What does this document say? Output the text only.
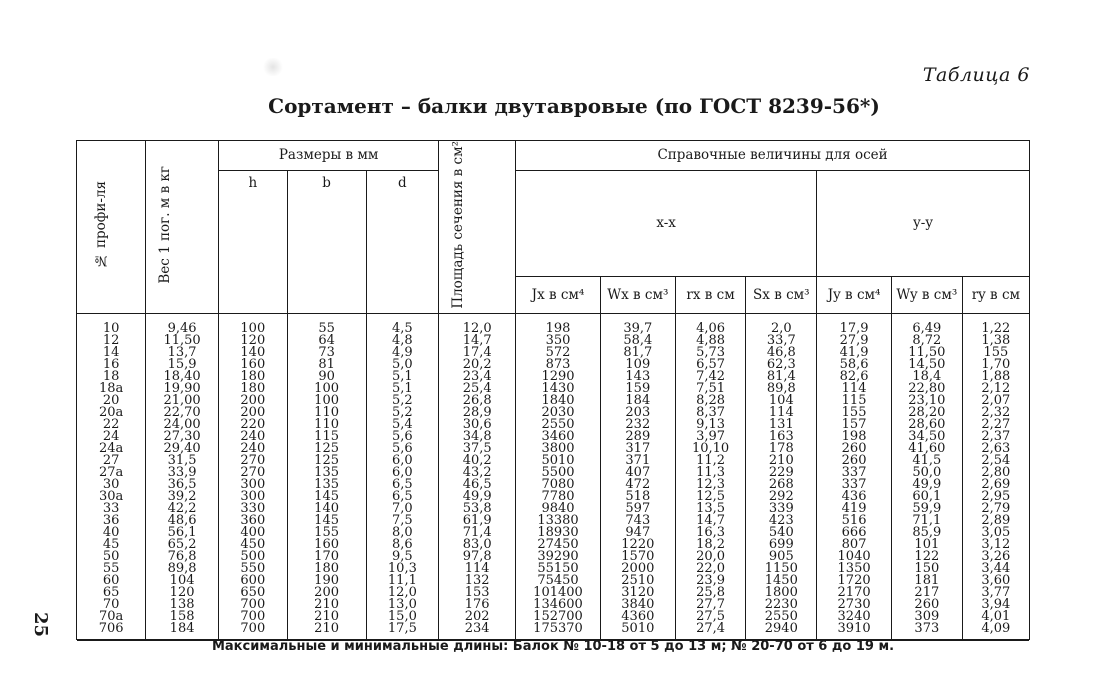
Таблица 6
Сортамент – балки двутавровые (по ГОСТ 8239-56*)
25
№ профи-ля	Вес 1 пог. м в кг	Размеры в мм			Площадь сечения в см²	Справочные величины для осей						
		h	b	d		x-x				y-y		
						Jx в см⁴	Wx в см³	rx в см	Sx в см³	Jy в см⁴	Wy в см³	ry в см
10	9,46	100	55	4,5	12,0	198	39,7	4,06	2,0	17,9	6,49	1,22
12	11,50	120	64	4,8	14,7	350	58,4	4,88	33,7	27,9	8,72	1,38
14	13,7	140	73	4,9	17,4	572	81,7	5,73	46,8	41,9	11,50	155
16	15,9	160	81	5,0	20,2	873	109	6,57	62,3	58,6	14,50	1,70
18	18,40	180	90	5,1	23,4	1290	143	7,42	81,4	82,6	18,4	1,88
18a	19,90	180	100	5,1	25,4	1430	159	7,51	89,8	114	22,80	2,12
20	21,00	200	100	5,2	26,8	1840	184	8,28	104	115	23,10	2,07
20a	22,70	200	110	5,2	28,9	2030	203	8,37	114	155	28,20	2,32
22	24,00	220	110	5,4	30,6	2550	232	9,13	131	157	28,60	2,27
24	27,30	240	115	5,6	34,8	3460	289	3,97	163	198	34,50	2,37
24a	29,40	240	125	5,6	37,5	3800	317	10,10	178	260	41,60	2,63
27	31,5	270	125	6,0	40,2	5010	371	11,2	210	260	41,5	2,54
27a	33,9	270	135	6,0	43,2	5500	407	11,3	229	337	50,0	2,80
30	36,5	300	135	6,5	46,5	7080	472	12,3	268	337	49,9	2,69
30a	39,2	300	145	6,5	49,9	7780	518	12,5	292	436	60,1	2,95
33	42,2	330	140	7,0	53,8	9840	597	13,5	339	419	59,9	2,79
36	48,6	360	145	7,5	61,9	13380	743	14,7	423	516	71,1	2,89
40	56,1	400	155	8,0	71,4	18930	947	16,3	540	666	85,9	3,05
45	65,2	450	160	8,6	83,0	27450	1220	18,2	699	807	101	3,12
50	76,8	500	170	9,5	97,8	39290	1570	20,0	905	1040	122	3,26
55	89,8	550	180	10,3	114	55150	2000	22,0	1150	1350	150	3,44
60	104	600	190	11,1	132	75450	2510	23,9	1450	1720	181	3,60
65	120	650	200	12,0	153	101400	3120	25,8	1800	2170	217	3,77
70	138	700	210	13,0	176	134600	3840	27,7	2230	2730	260	3,94
70a	158	700	210	15,0	202	152700	4360	27,5	2550	3240	309	4,01
706	184	700	210	17,5	234	175370	5010	27,4	2940	3910	373	4,09
Максимальные и минимальные длины: Балок № 10-18 от 5 до 13 м; № 20-70 от 6 до 19 м.												
